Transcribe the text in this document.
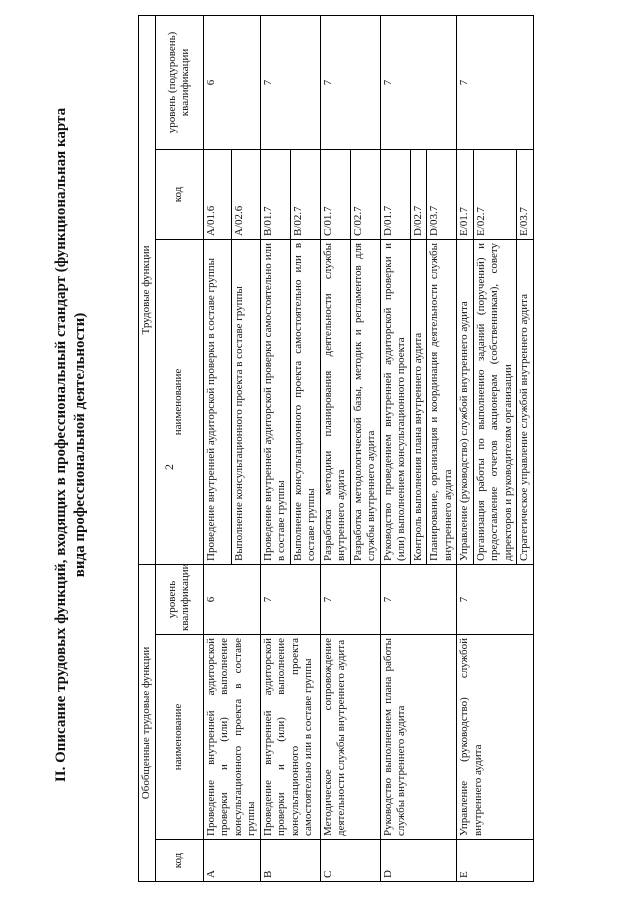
2
II. Описание трудовых функций, входящих в профессиональный стандарт (функциональная карта вида профессиональной деятельности)
Обобщенные трудовые функции			Трудовые функции		
код	наименование	уровень квалификации	наименование	код	уровень (подуровень) квалификации
A	Проведение внутренней аудиторской проверки и (или) выполнение консультационного проекта в составе группы	6	Проведение внутренней аудиторской проверки в составе группы	A/01.6	6
			Выполнение консультационного проекта в составе группы	A/02.6	
B	Проведение внутренней аудиторской проверки и (или) выполнение консультационного проекта самостоятельно или в составе группы	7	Проведение внутренней аудиторской проверки самостоятельно или в составе группы	B/01.7	7
			Выполнение консультационного проекта самостоятельно или в составе группы	B/02.7	
C	Методическое сопровождение деятельности службы внутреннего аудита	7	Разработка методики планирования деятельности службы внутреннего аудита	C/01.7	7
			Разработка методологической базы, методик и регламентов для службы внутреннего аудита	C/02.7	
D	Руководство выполнением плана работы службы внутреннего аудита	7	Руководство проведением внутренней аудиторской проверки и (или) выполнением консультационного проекта	D/01.7	7
			Контроль выполнения плана внутреннего аудита	D/02.7	
			Планирование, организация и координация деятельности службы внутреннего аудита	D/03.7	
E	Управление (руководство) службой внутреннего аудита	7	Управление (руководство) службой внутреннего аудита	E/01.7	7
			Организация работы по выполнению заданий (поручений) и предоставление отчетов акционерам (собственникам), совету директоров и руководителям организации	E/02.7	
			Стратегическое управление службой внутреннего аудита	E/03.7	
